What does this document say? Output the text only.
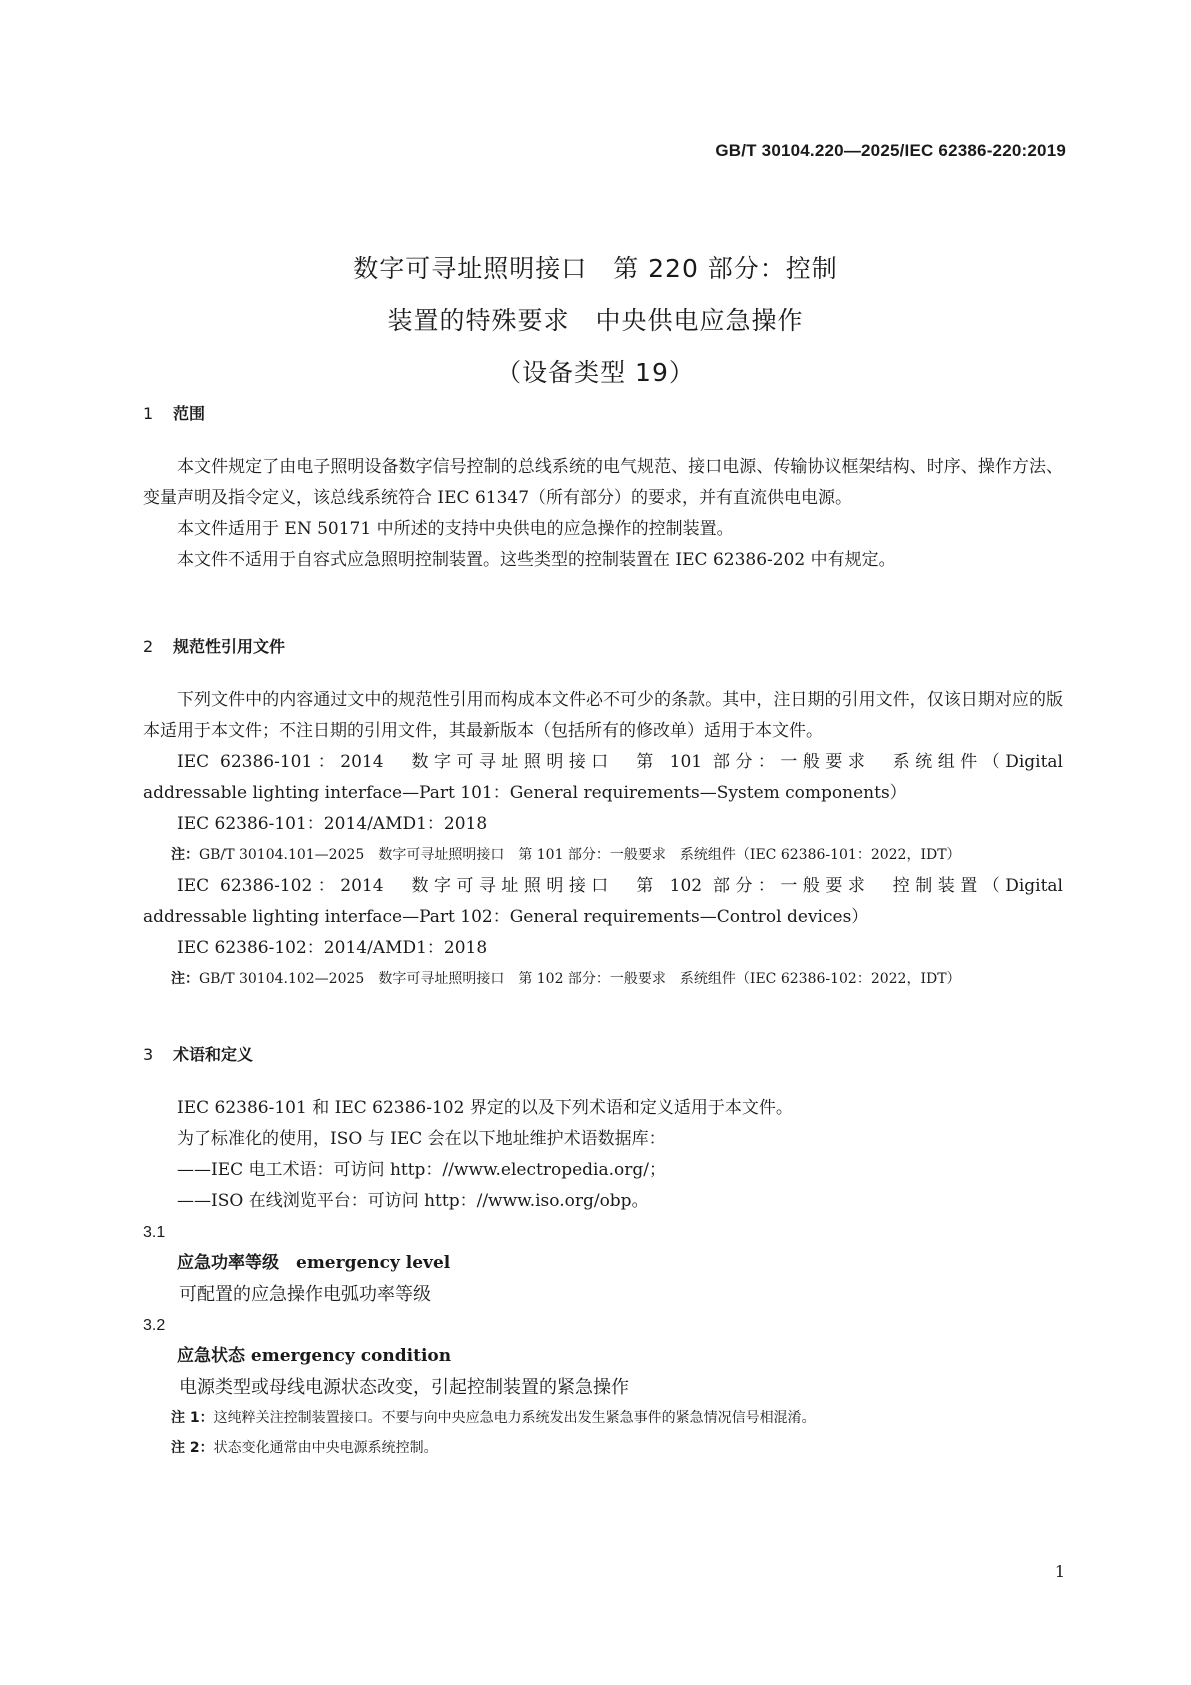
GB/T 30104.220—2025/IEC 62386-220:2019
数字可寻址照明接口　第 220 部分：控制
装置的特殊要求　中央供电应急操作
（设备类型 19）
1 范围

本文件规定了由电子照明设备数字信号控制的总线系统的电气规范、接口电源、传输协议框架结构、时序、操作方法、变量声明及指令定义，该总线系统符合 IEC 61347（所有部分）的要求，并有直流供电电源。

本文件适用于 EN 50171 中所述的支持中央供电的应急操作的控制装置。

本文件不适用于自容式应急照明控制装置。这些类型的控制装置在 IEC 62386-202 中有规定。

2 规范性引用文件

下列文件中的内容通过文中的规范性引用而构成本文件必不可少的条款。其中，注日期的引用文件，仅该日期对应的版本适用于本文件；不注日期的引用文件，其最新版本（包括所有的修改单）适用于本文件。

IEC 62386-101：2014　数字可寻址照明接口　第 101 部分：一般要求　系统组件（Digital
addressable lighting interface—Part 101：General requirements—System components）
IEC 62386-101：2014/AMD1：2018
注：GB/T 30104.101—2025　数字可寻址照明接口　第 101 部分：一般要求　系统组件（IEC 62386-101：2022，IDT）
IEC 62386-102：2014　数字可寻址照明接口　第 102 部分：一般要求　控制装置（Digital
addressable lighting interface—Part 102：General requirements—Control devices）
IEC 62386-102：2014/AMD1：2018
注：GB/T 30104.102—2025　数字可寻址照明接口　第 102 部分：一般要求　系统组件（IEC 62386-102：2022，IDT）
3 术语和定义
IEC 62386-101 和 IEC 62386-102 界定的以及下列术语和定义适用于本文件。
为了标准化的使用，ISO 与 IEC 会在以下地址维护术语数据库：
——IEC 电工术语：可访问 http：//www.electropedia.org/；
——ISO 在线浏览平台：可访问 http：//www.iso.org/obp。
3.1
应急功率等级　 emergency level
可配置的应急操作电弧功率等级
3.2
应急状态 emergency condition
电源类型或母线电源状态改变，引起控制装置的紧急操作
注 1：这纯粹关注控制装置接口。不要与向中央应急电力系统发出发生紧急事件的紧急情况信号相混淆。
注 2：状态变化通常由中央电源系统控制。
1
